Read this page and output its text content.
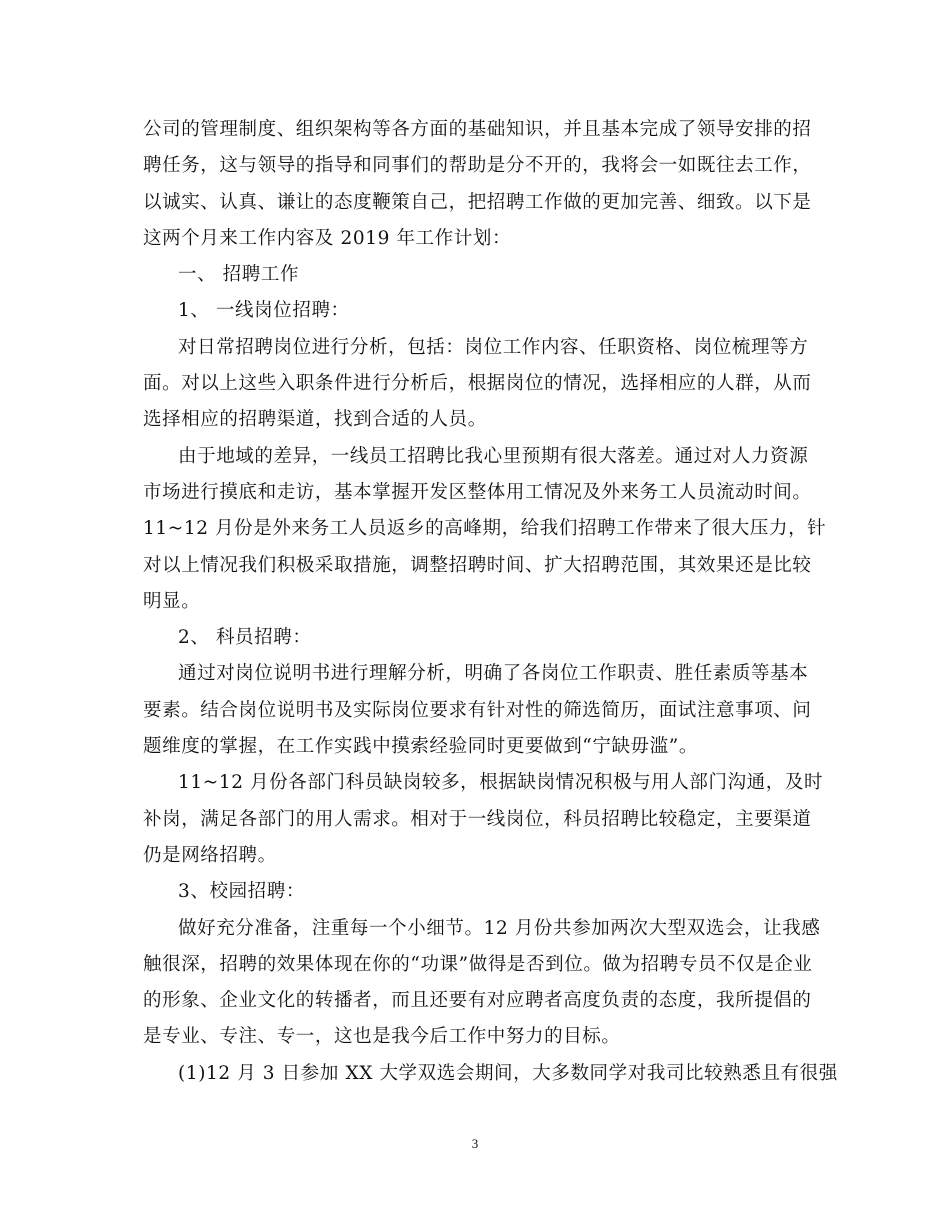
公司的管理制度、组织架构等各方面的基础知识，并且基本完成了领导安排的招
聘任务，这与领导的指导和同事们的帮助是分不开的，我将会一如既往去工作，
以诚实、认真、谦让的态度鞭策自己，把招聘工作做的更加完善、细致。以下是
这两个月来工作内容及 2019 年工作计划：
一、 招聘工作
1、 一线岗位招聘：
对日常招聘岗位进行分析，包括：岗位工作内容、任职资格、岗位梳理等方
面。对以上这些入职条件进行分析后，根据岗位的情况，选择相应的人群，从而
选择相应的招聘渠道，找到合适的人员。
由于地域的差异，一线员工招聘比我心里预期有很大落差。通过对人力资源
市场进行摸底和走访，基本掌握开发区整体用工情况及外来务工人员流动时间。
11~12 月份是外来务工人员返乡的高峰期，给我们招聘工作带来了很大压力，针
对以上情况我们积极采取措施，调整招聘时间、扩大招聘范围，其效果还是比较
明显。
2、 科员招聘：
通过对岗位说明书进行理解分析，明确了各岗位工作职责、胜任素质等基本
要素。结合岗位说明书及实际岗位要求有针对性的筛选简历，面试注意事项、问
题维度的掌握，在工作实践中摸索经验同时更要做到“宁缺毋滥”。
11~12 月份各部门科员缺岗较多，根据缺岗情况积极与用人部门沟通，及时
补岗，满足各部门的用人需求。相对于一线岗位，科员招聘比较稳定，主要渠道
仍是网络招聘。
3、校园招聘：
做好充分准备，注重每一个小细节。12 月份共参加两次大型双选会，让我感
触很深，招聘的效果体现在你的“功课”做得是否到位。做为招聘专员不仅是企业
的形象、企业文化的转播者，而且还要有对应聘者高度负责的态度，我所提倡的
是专业、专注、专一，这也是我今后工作中努力的目标。
(1)12 月 3 日参加 XX 大学双选会期间，大多数同学对我司比较熟悉且有很强
3
